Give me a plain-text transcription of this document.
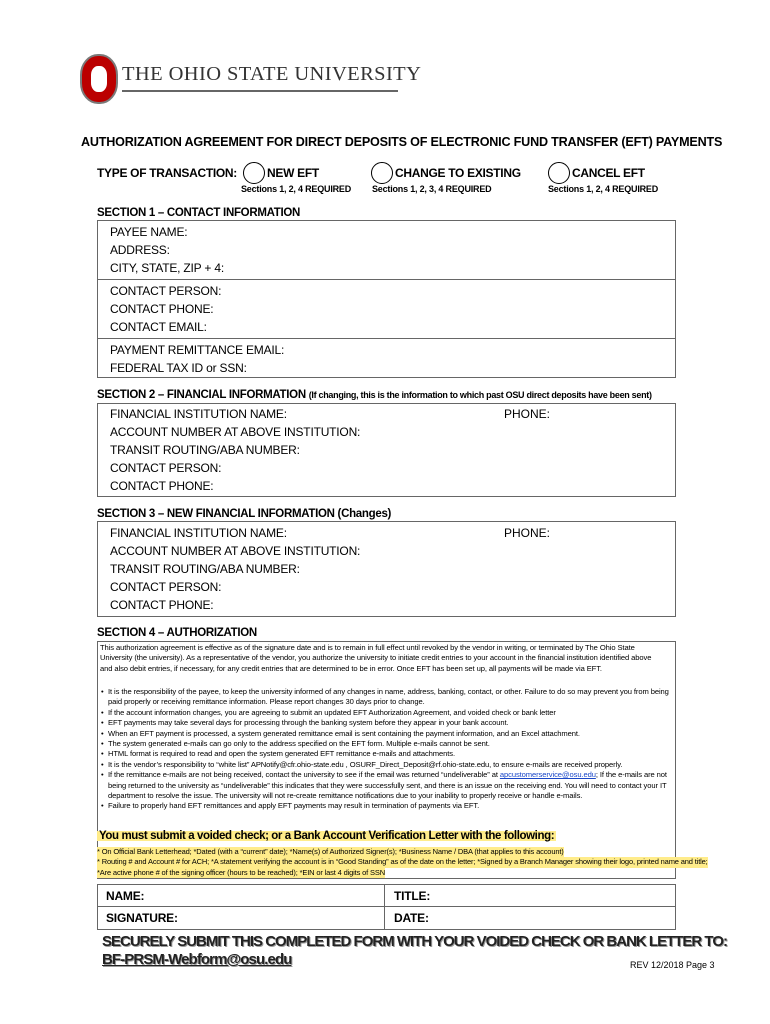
THE OHIO STATE UNIVERSITY
AUTHORIZATION AGREEMENT FOR DIRECT DEPOSITS OF ELECTRONIC FUND TRANSFER (EFT) PAYMENTS
TYPE OF TRANSACTION:	NEW EFT
Sections 1, 2, 4 REQUIRED
CHANGE TO EXISTING
Sections 1, 2, 3, 4 REQUIRED
CANCEL EFT
Sections 1, 2, 4 REQUIRED
SECTION 1 – CONTACT INFORMATION
PAYEE NAME:
ADDRESS:
CITY, STATE, ZIP + 4:
CONTACT PERSON:
CONTACT PHONE:
CONTACT EMAIL:
PAYMENT REMITTANCE EMAIL:
FEDERAL TAX ID or SSN:
SECTION 2 – FINANCIAL INFORMATION (If changing, this is the information to which past OSU direct deposits have been sent)
FINANCIAL INSTITUTION NAME:	PHONE:
ACCOUNT NUMBER AT ABOVE INSTITUTION:
TRANSIT ROUTING/ABA NUMBER:
CONTACT PERSON:
CONTACT PHONE:
SECTION 3 – NEW FINANCIAL INFORMATION (Changes)
FINANCIAL INSTITUTION NAME:	PHONE:
ACCOUNT NUMBER AT ABOVE INSTITUTION:
TRANSIT ROUTING/ABA NUMBER:
CONTACT PERSON:
CONTACT PHONE:
SECTION 4 – AUTHORIZATION
This authorization agreement is effective as of the signature date and is to remain in full effect until revoked by the vendor in writing, or terminated by The Ohio State University (the university). As a representative of the vendor, you authorize the university to initiate credit entries to your account in the financial institution identified above and also debit entries, if necessary, for any credit entries that are determined to be in error. Once EFT has been set up, all payments will be made via EFT.
• It is the responsibility of the payee, to keep the university informed of any changes in name, address, banking, contact, or other. Failure to do so may prevent you from being paid properly or receiving remittance information. Please report changes 30 days prior to change.
• If the account information changes, you are agreeing to submit an updated EFT Authorization Agreement, and voided check or bank letter
• EFT payments may take several days for processing through the banking system before they appear in your bank account.
• When an EFT payment is processed, a system generated remittance email is sent containing the payment information, and an Excel attachment.
• The system generated e-mails can go only to the address specified on the EFT form. Multiple e-mails cannot be sent.
• HTML format is required to read and open the system generated EFT remittance e-mails and attachments.
• It is the vendor’s responsibility to “white list” APNotify@cfr.ohio-state.edu , OSURF_Direct_Deposit@rf.ohio-state.edu, to ensure e-mails are received properly.
• If the remittance e-mails are not being received, contact the university to see if the email was returned “undeliverable” at apcustomerservice@osu.edu; If the e-mails are not being returned to the university as “undeliverable” this indicates that they were successfully sent, and there is an issue on the receiving end. You will need to contact your IT department to resolve the issue. The university will not re-create remittance notifications due to your inability to properly receive or handle e-mails.
• Failure to properly hand EFT remittances and apply EFT payments may result in termination of payments via EFT.
You must submit a voided check; or a Bank Account Verification Letter with the following:
* On Official Bank Letterhead; *Dated (with a “current” date); *Name(s) of Authorized Signer(s); *Business Name / DBA (that applies to this account)
* Routing # and Account # for ACH; *A statement verifying the account is in “Good Standing” as of the date on the letter; *Signed by a Branch Manager showing their logo, printed name and title;
*Are active phone # of the signing officer (hours to be reached); *EIN or last 4 digits of SSN
NAME:	TITLE:
SIGNATURE:	DATE:
SECURELY SUBMIT THIS COMPLETED FORM WITH YOUR VOIDED CHECK OR BANK LETTER TO:
BF-PRSM-Webform@osu.edu	REV 12/2018 Page 3
